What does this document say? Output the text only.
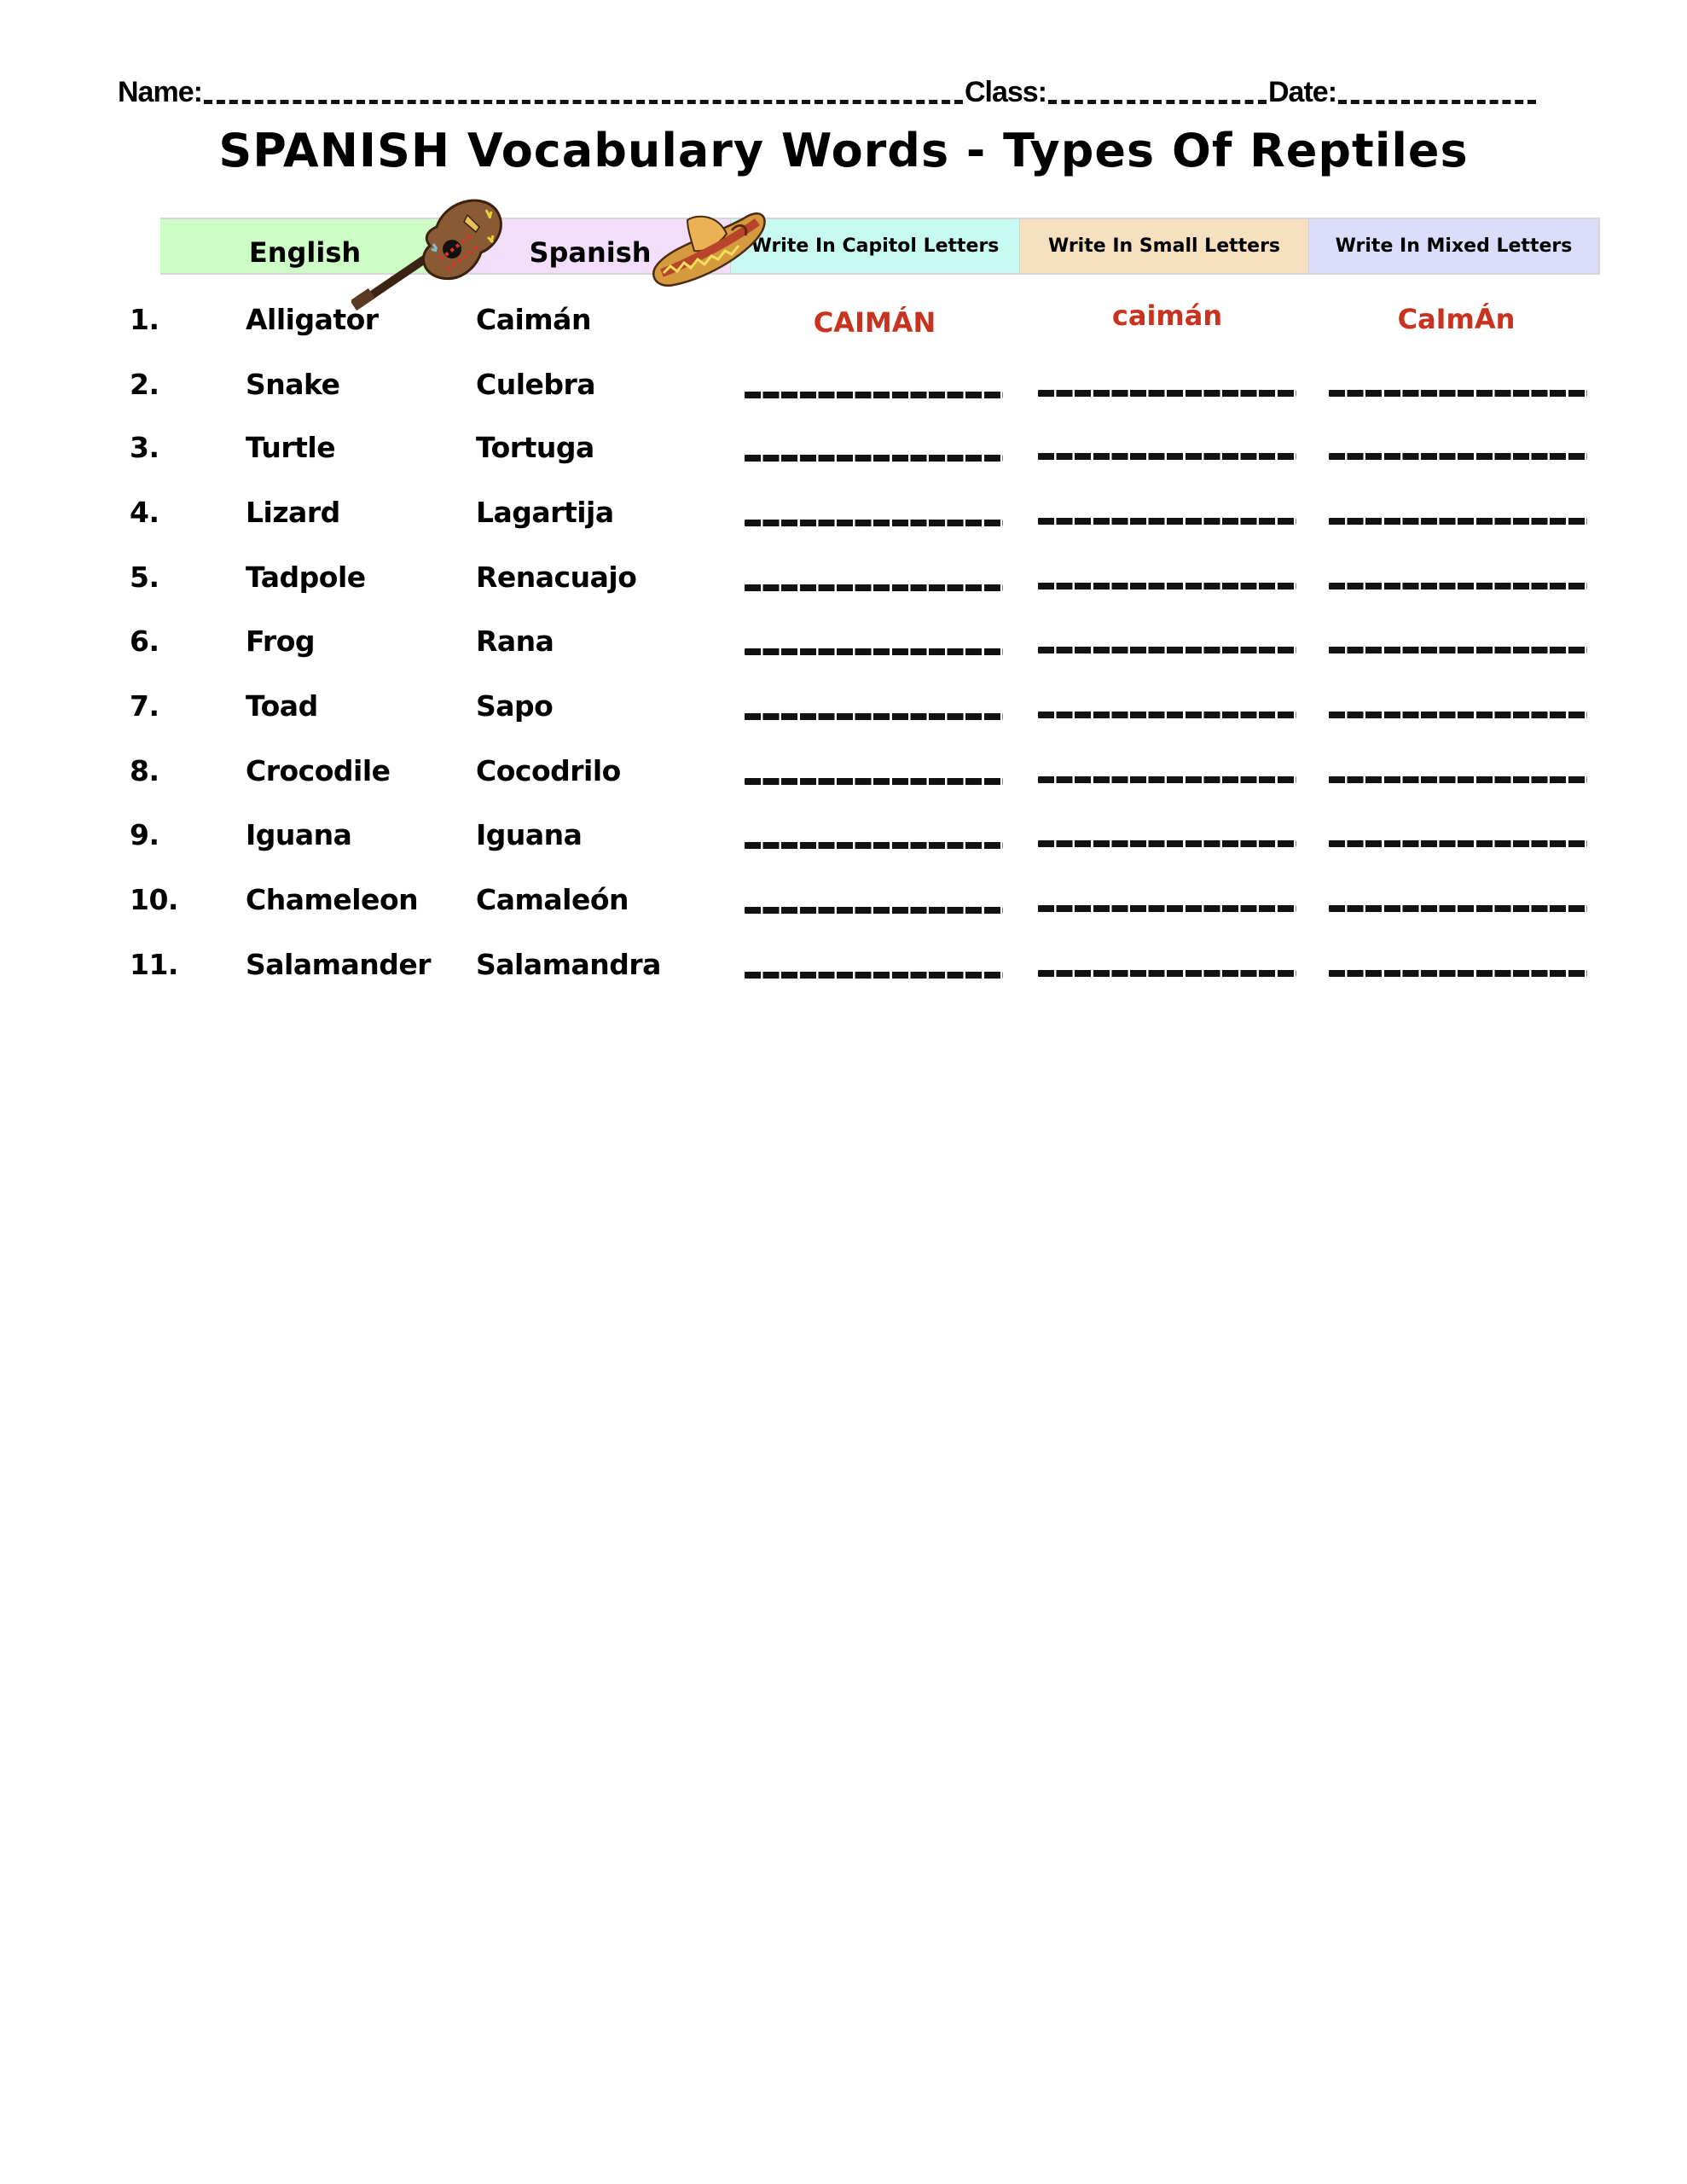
Name:	Class:	Date:
SPANISH Vocabulary Words - Types Of Reptiles
English	Spanish	Write In Capitol Letters	Write In Small Letters	Write In Mixed Letters
1.	Alligator	Caimán	CAIMÁN	caimán	CaImÁn
2.	Snake	Culebra
3.	Turtle	Tortuga
4.	Lizard	Lagartija
5.	Tadpole	Renacuajo
6.	Frog	Rana
7.	Toad	Sapo
8.	Crocodile	Cocodrilo
9.	Iguana	Iguana
10. Chameleon Camaleón
11. Salamander Salamandra
